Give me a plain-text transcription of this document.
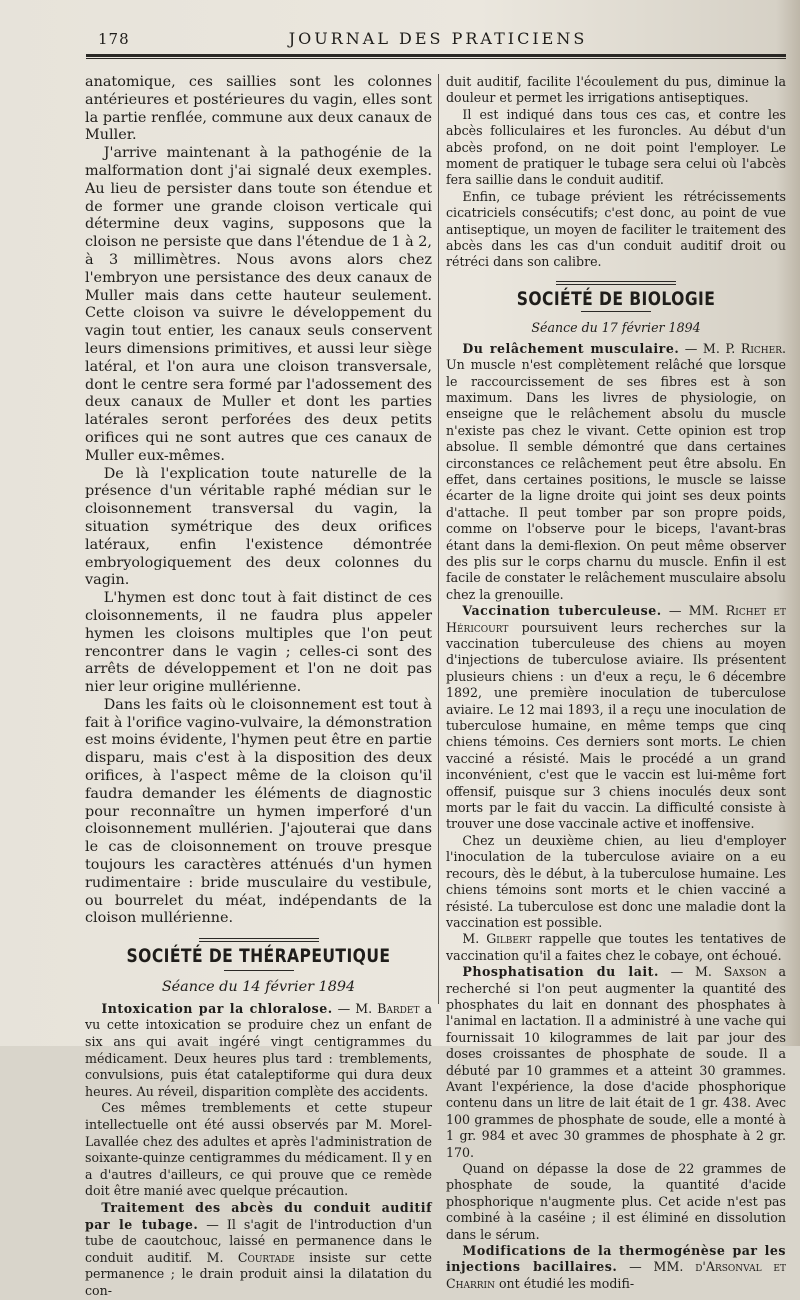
178	JOURNAL DES PRATICIENS

anatomique, ces saillies sont les colonnes antérieures et postérieures du vagin, elles sont la partie renflée, commune aux deux canaux de Muller.

J'arrive maintenant à la pathogénie de la malformation dont j'ai signalé deux exemples. Au lieu de persister dans toute son étendue et de former une grande cloison verticale qui détermine deux vagins, supposons que la cloison ne persiste que dans l'étendue de 1 à 2, à 3 millimètres. Nous avons alors chez l'embryon une persistance des deux canaux de Muller mais dans cette hauteur seulement. Cette cloison va suivre le développement du vagin tout entier, les canaux seuls conservent leurs dimensions primitives, et aussi leur siège latéral, et l'on aura une cloison transversale, dont le centre sera formé par l'adossement des deux canaux de Muller et dont les parties latérales seront perforées des deux petits orifices qui ne sont autres que ces canaux de Muller eux-mêmes.

De là l'explication toute naturelle de la présence d'un véritable raphé médian sur le cloisonnement transversal du vagin, la situation symétrique des deux orifices latéraux, enfin l'existence démontrée embryologiquement des deux colonnes du vagin.

L'hymen est donc tout à fait distinct de ces cloisonnements, il ne faudra plus appeler hymen les cloisons multiples que l'on peut rencontrer dans le vagin ; celles-ci sont des arrêts de développement et l'on ne doit pas nier leur origine mullérienne.

Dans les faits où le cloisonnement est tout à fait à l'orifice vagino-vulvaire, la démonstration est moins évidente, l'hymen peut être en partie disparu, mais c'est à la disposition des deux orifices, à l'aspect même de la cloison qu'il faudra demander les éléments de diagnostic pour reconnaître un hymen imperforé d'un cloisonnement mullérien. J'ajouterai que dans le cas de cloisonnement on trouve presque toujours les caractères atténués d'un hymen rudimentaire : bride musculaire du vestibule, ou bourrelet du méat, indépendants de la cloison mullérienne.

SOCIÉTÉ DE THÉRAPEUTIQUE
Séance du 14 février 1894

Intoxication par la chloralose. — M. Bardet a vu cette intoxication se produire chez un enfant de six ans qui avait ingéré vingt centigrammes du médicament. Deux heures plus tard : tremblements, convulsions, puis état cataleptiforme qui dura deux heures. Au réveil, disparition complète des accidents.

Ces mêmes tremblements et cette stupeur intellectuelle ont été aussi observés par M. Morel-Lavallée chez des adultes et après l'administration de soixante-quinze centigrammes du médicament. Il y en a d'autres d'ailleurs, ce qui prouve que ce remède doit être manié avec quelque précaution.

Traitement des abcès du conduit auditif par le tubage. — Il s'agit de l'introduction d'un tube de caoutchouc, laissé en permanence dans le conduit auditif. M. Courtade insiste sur cette permanence ; le drain produit ainsi la dilatation du con-

duit auditif, facilite l'écoulement du pus, diminue la douleur et permet les irrigations antiseptiques.

Il est indiqué dans tous ces cas, et contre les abcès folliculaires et les furoncles. Au début d'un abcès profond, on ne doit point l'employer. Le moment de pratiquer le tubage sera celui où l'abcès fera saillie dans le conduit auditif.

Enfin, ce tubage prévient les rétrécissements cicatriciels consécutifs; c'est donc, au point de vue antiseptique, un moyen de faciliter le traitement des abcès dans les cas d'un conduit auditif droit ou rétréci dans son calibre.

SOCIÉTÉ DE BIOLOGIE
Séance du 17 février 1894

Du relâchement musculaire. — M. P. Richer. Un muscle n'est complètement relâché que lorsque le raccourcissement de ses fibres est à son maximum. Dans les livres de physiologie, on enseigne que le relâchement absolu du muscle n'existe pas chez le vivant. Cette opinion est trop absolue. Il semble démontré que dans certaines circonstances ce relâchement peut être absolu. En effet, dans certaines positions, le muscle se laisse écarter de la ligne droite qui joint ses deux points d'attache. Il peut tomber par son propre poids, comme on l'observe pour le biceps, l'avant-bras étant dans la demi-flexion. On peut même observer des plis sur le corps charnu du muscle. Enfin il est facile de constater le relâchement musculaire absolu chez la grenouille.

Vaccination tuberculeuse. — MM. Richet et Héricourt poursuivent leurs recherches sur la vaccination tuberculeuse des chiens au moyen d'injections de tuberculose aviaire. Ils présentent plusieurs chiens : un d'eux a reçu, le 6 décembre 1892, une première inoculation de tuberculose aviaire. Le 12 mai 1893, il a reçu une inoculation de tuberculose humaine, en même temps que cinq chiens témoins. Ces derniers sont morts. Le chien vacciné a résisté. Mais le procédé a un grand inconvénient, c'est que le vaccin est lui-même fort offensif, puisque sur 3 chiens inoculés deux sont morts par le fait du vaccin. La difficulté consiste à trouver une dose vaccinale active et inoffensive.

Chez un deuxième chien, au lieu d'employer l'inoculation de la tuberculose aviaire on a eu recours, dès le début, à la tuberculose humaine. Les chiens témoins sont morts et le chien vacciné a résisté. La tuberculose est donc une maladie dont la vaccination est possible.

M. Gilbert rappelle que toutes les tentatives de vaccination qu'il a faites chez le cobaye, ont échoué.

Phosphatisation du lait. — M. Saxson a recherché si l'on peut augmenter la quantité des phosphates du lait en donnant des phosphates à l'animal en lactation. Il a administré à une vache qui fournissait 10 kilogrammes de lait par jour des doses croissantes de phosphate de soude. Il a débuté par 10 grammes et a atteint 30 grammes. Avant l'expérience, la dose d'acide phosphorique contenu dans un litre de lait était de 1 gr. 438. Avec 100 grammes de phosphate de soude, elle a monté à 1 gr. 984 et avec 30 grammes de phosphate à 2 gr. 170.

Quand on dépasse la dose de 22 grammes de phosphate de soude, la quantité d'acide phosphorique n'augmente plus. Cet acide n'est pas combiné à la caséine ; il est éliminé en dissolution dans le sérum.

Modifications de la thermogénèse par les injections bacillaires. — MM. d'Arsonval et Charrin ont étudié les modifi-
